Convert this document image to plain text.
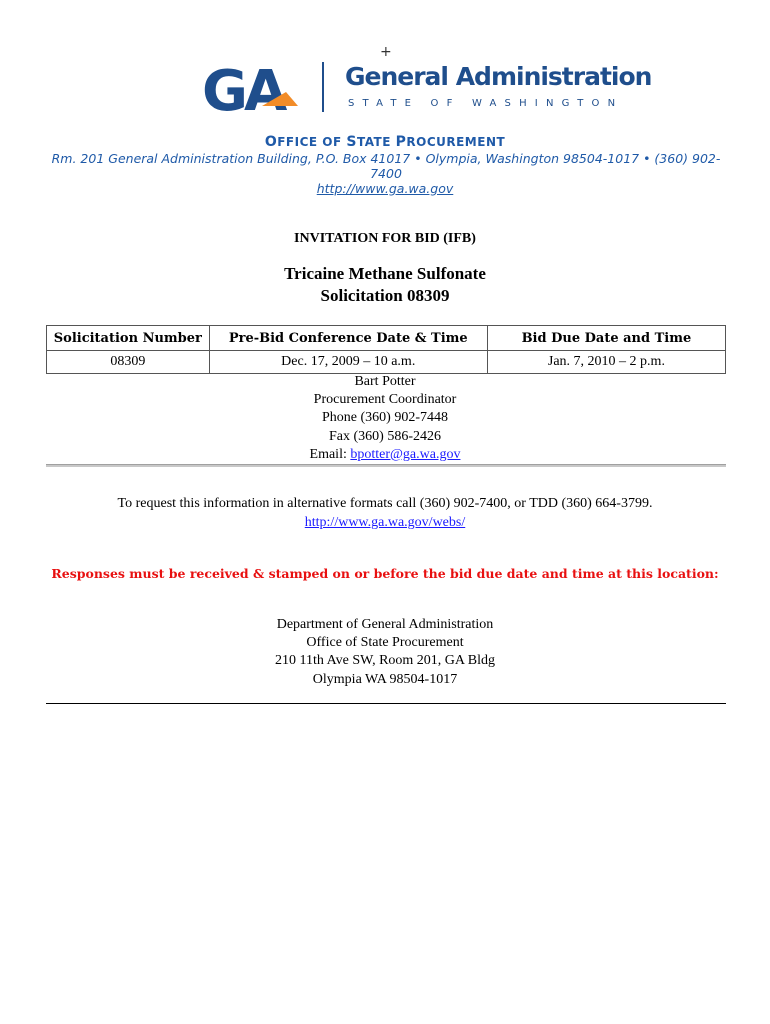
+
GA General Administration
STATE OF WASHINGTON
OFFICE OF STATE PROCUREMENT
Rm. 201 General Administration Building, P.O. Box 41017 • Olympia, Washington 98504-1017 • (360) 902-7400
http://www.ga.wa.gov
INVITATION FOR BID (IFB)
Tricaine Methane Sulfonate
Solicitation 08309
Solicitation Number	Pre-Bid Conference Date & Time	Bid Due Date and Time
08309	Dec. 17, 2009 – 10 a.m.	Jan. 7, 2010 – 2 p.m.
Bart Potter
Procurement Coordinator
Phone (360) 902-7448
Fax (360) 586-2426
Email: bpotter@ga.wa.gov
To request this information in alternative formats call (360) 902-7400, or TDD (360) 664-3799.
http://www.ga.wa.gov/webs/
Responses must be received & stamped on or before the bid due date and time at this location:
Department of General Administration
Office of State Procurement
210 11th Ave SW, Room 201, GA Bldg
Olympia WA 98504-1017
